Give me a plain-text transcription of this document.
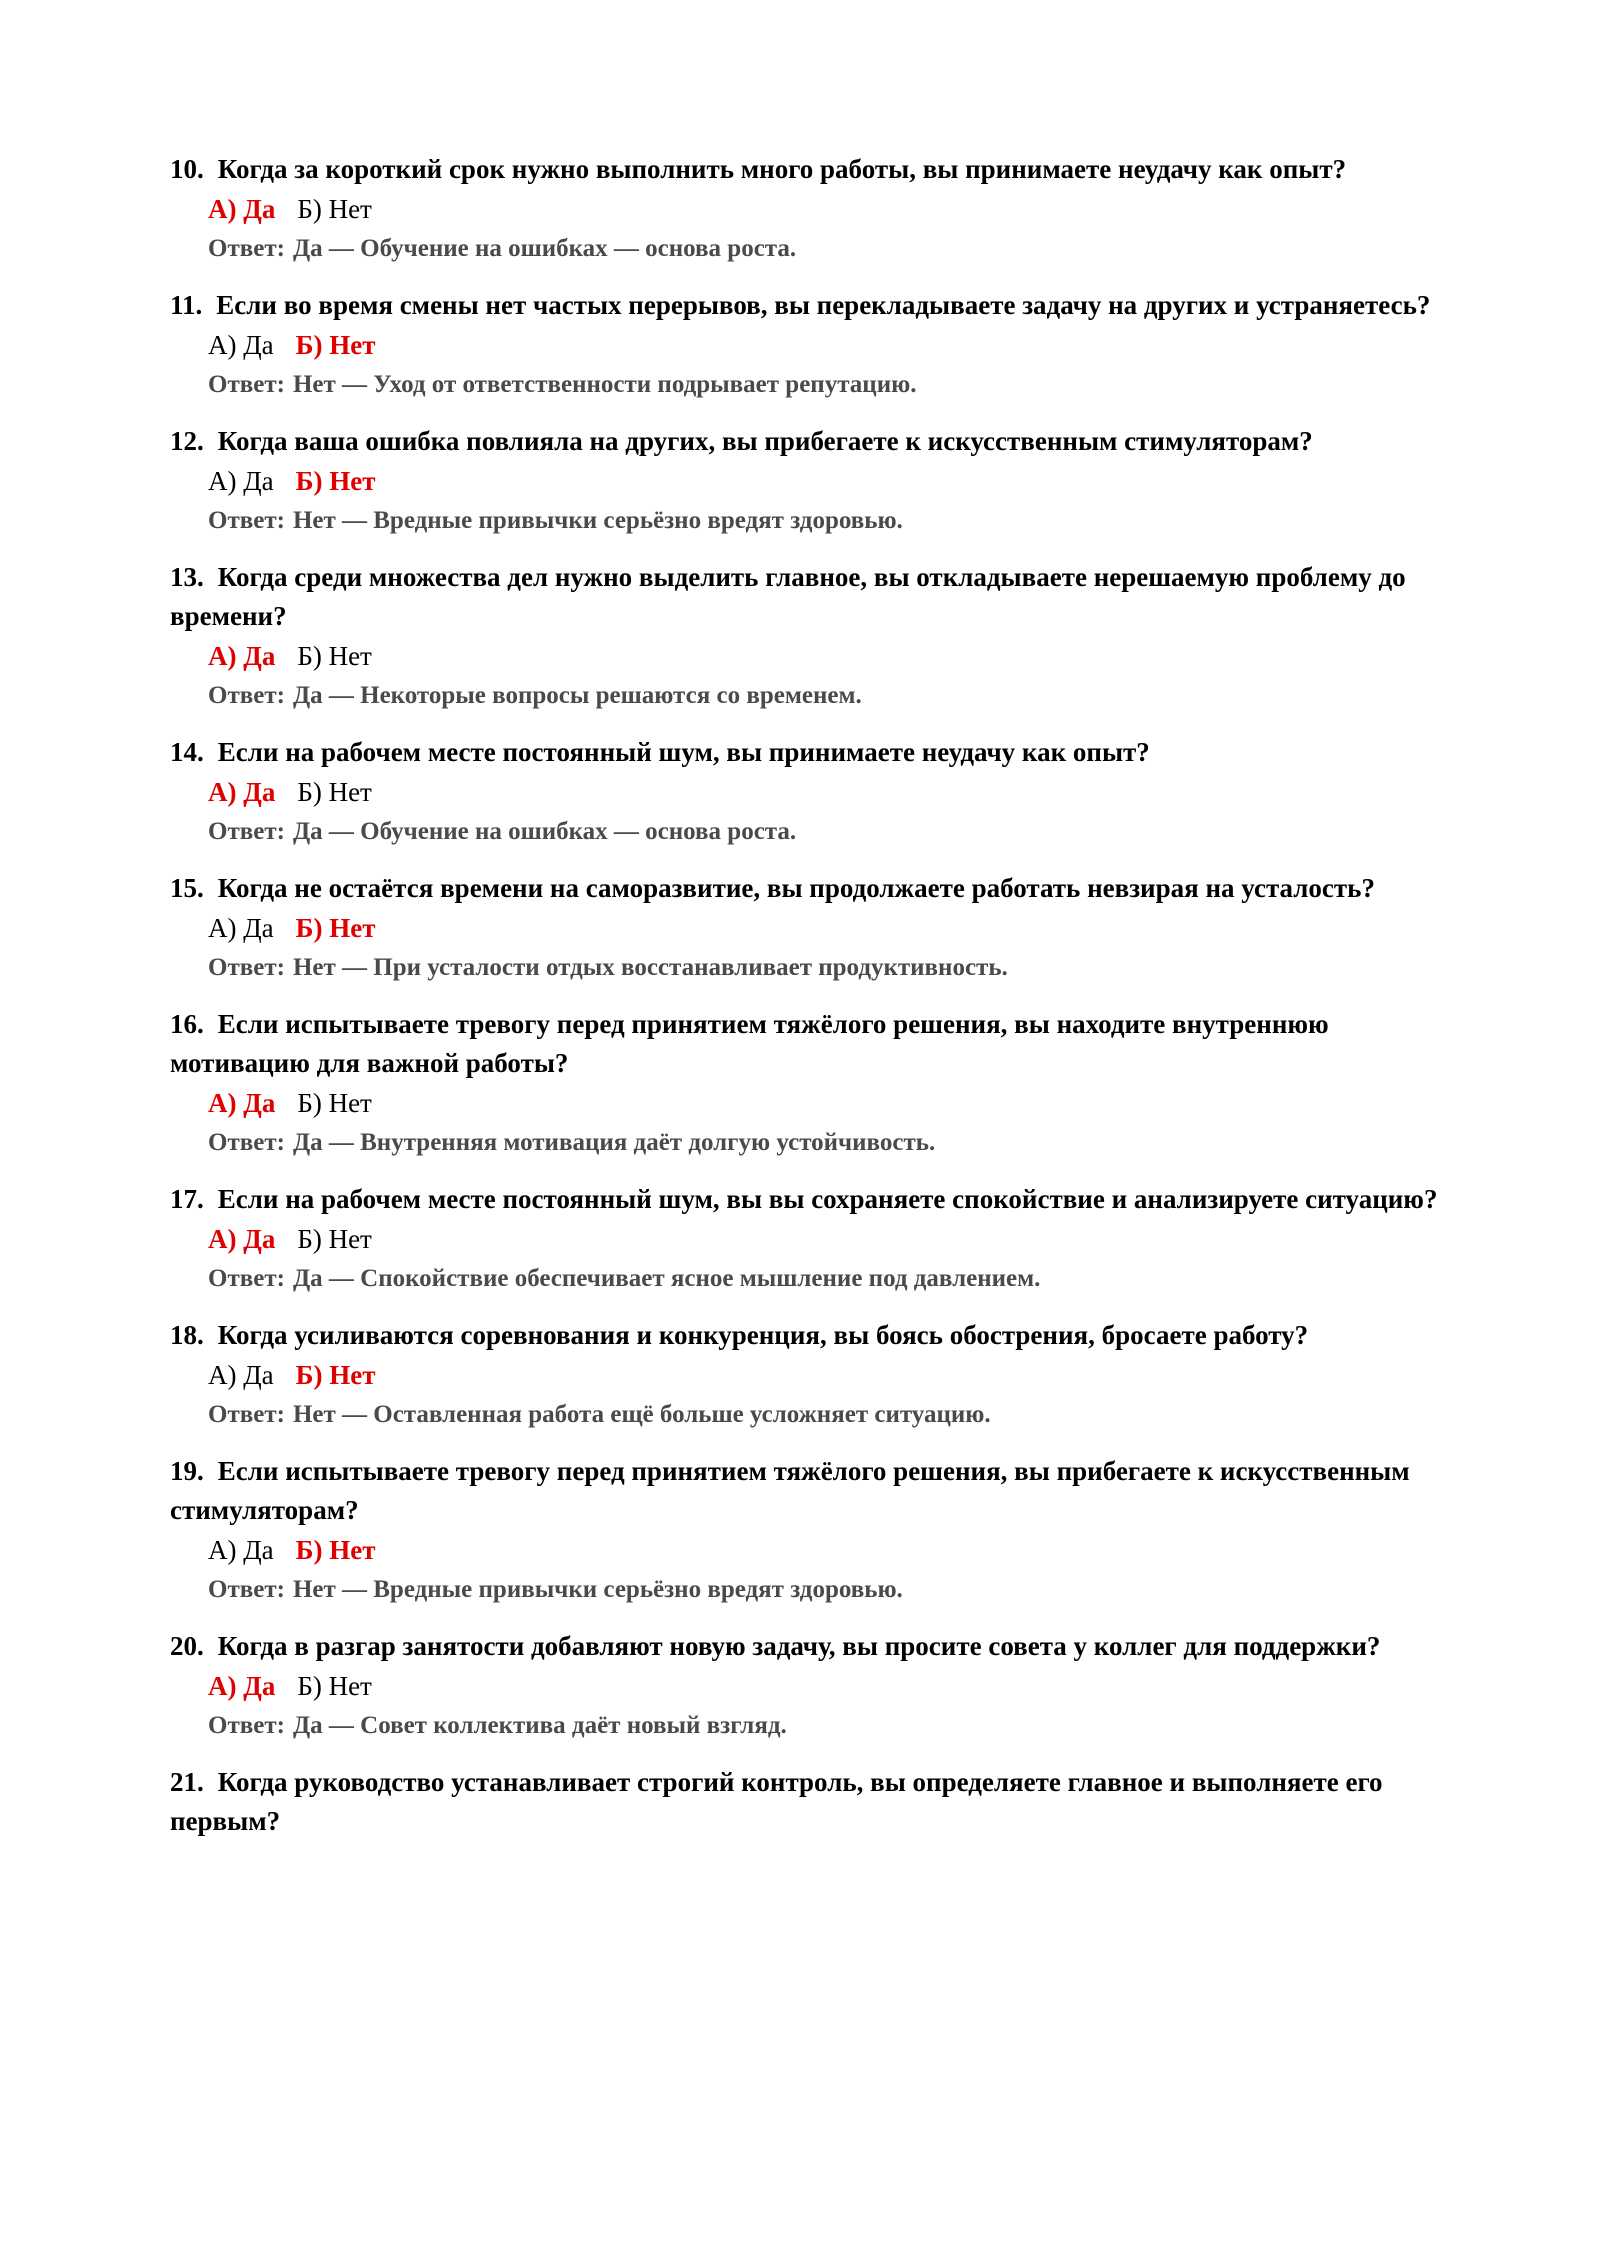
10. Когда за короткий срок нужно выполнить много работы, вы принимаете неудачу как опыт?

А) Да Б) Нет
Ответ: Да — Обучение на ошибках — основа роста.

11. Если во время смены нет частых перерывов, вы перекладываете задачу на других и устраняетесь?

А) Да Б) Нет
Ответ: Нет — Уход от ответственности подрывает репутацию.

12. Когда ваша ошибка повлияла на других, вы прибегаете к искусственным стимуляторам?

А) Да Б) Нет
Ответ: Нет — Вредные привычки серьёзно вредят здоровью.

13. Когда среди множества дел нужно выделить главное, вы откладываете нерешаемую проблему до времени?

А) Да Б) Нет
Ответ: Да — Некоторые вопросы решаются со временем.

14. Если на рабочем месте постоянный шум, вы принимаете неудачу как опыт?

А) Да Б) Нет
Ответ: Да — Обучение на ошибках — основа роста.

15. Когда не остаётся времени на саморазвитие, вы продолжаете работать невзирая на усталость?

А) Да Б) Нет
Ответ: Нет — При усталости отдых восстанавливает продуктивность.

16. Если испытываете тревогу перед принятием тяжёлого решения, вы находите внутреннюю мотивацию для важной работы?

А) Да Б) Нет
Ответ: Да — Внутренняя мотивация даёт долгую устойчивость.

17. Если на рабочем месте постоянный шум, вы вы сохраняете спокойствие и анализируете ситуацию?

А) Да Б) Нет
Ответ: Да — Спокойствие обеспечивает ясное мышление под давлением.

18. Когда усиливаются соревнования и конкуренция, вы боясь обострения, бросаете работу?

А) Да Б) Нет
Ответ: Нет — Оставленная работа ещё больше усложняет ситуацию.

19. Если испытываете тревогу перед принятием тяжёлого решения, вы прибегаете к искусственным стимуляторам?

А) Да Б) Нет
Ответ: Нет — Вредные привычки серьёзно вредят здоровью.

20. Когда в разгар занятости добавляют новую задачу, вы просите совета у коллег для поддержки?

А) Да Б) Нет
Ответ: Да — Совет коллектива даёт новый взгляд.

21. Когда руководство устанавливает строгий контроль, вы определяете главное и выполняете его первым?
